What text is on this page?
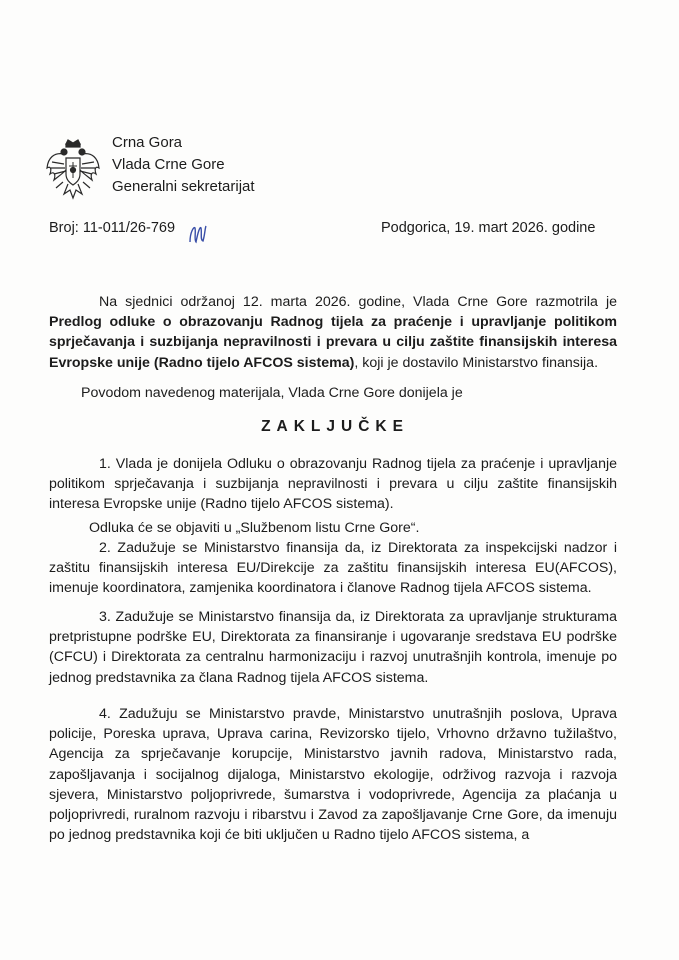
Crna Gora
Vlada Crne Gore
Generalni sekretarijat
Broj: 11-011/26-769	Podgorica, 19. mart 2026. godine

Na sjednici održanoj 12. marta 2026. godine, Vlada Crne Gore razmotrila je Predlog odluke o obrazovanju Radnog tijela za praćenje i upravljanje politikom sprječavanja i suzbijanja nepravilnosti i prevara u cilju zaštite finansijskih interesa Evropske unije (Radno tijelo AFCOS sistema), koji je dostavilo Ministarstvo finansija.

Povodom navedenog materijala, Vlada Crne Gore donijela je

ZAKLJUČKE

1. Vlada je donijela Odluku o obrazovanju Radnog tijela za praćenje i upravljanje politikom sprječavanja i suzbijanja nepravilnosti i prevara u cilju zaštite finansijskih interesa Evropske unije (Radno tijelo AFCOS sistema).

Odluka će se objaviti u „Službenom listu Crne Gore“.

2. Zadužuje se Ministarstvo finansija da, iz Direktorata za inspekcijski nadzor i zaštitu finansijskih interesa EU/Direkcije za zaštitu finansijskih interesa EU(AFCOS), imenuje koordinatora, zamjenika koordinatora i članove Radnog tijela AFCOS sistema.

3. Zadužuje se Ministarstvo finansija da, iz Direktorata za upravljanje strukturama pretpristupne podrške EU, Direktorata za finansiranje i ugovaranje sredstava EU podrške (CFCU) i Direktorata za centralnu harmonizaciju i razvoj unutrašnjih kontrola, imenuje po jednog predstavnika za člana Radnog tijela AFCOS sistema.

4. Zadužuju se Ministarstvo pravde, Ministarstvo unutrašnjih poslova, Uprava policije, Poreska uprava, Uprava carina, Revizorsko tijelo, Vrhovno državno tužilaštvo, Agencija za sprječavanje korupcije, Ministarstvo javnih radova, Ministarstvo rada, zapošljavanja i socijalnog dijaloga, Ministarstvo ekologije, održivog razvoja i razvoja sjevera, Ministarstvo poljoprivrede, šumarstva i vodoprivrede, Agencija za plaćanja u poljoprivredi, ruralnom razvoju i ribarstvu i Zavod za zapošljavanje Crne Gore, da imenuju po jednog predstavnika koji će biti uključen u Radno tijelo AFCOS sistema, a
